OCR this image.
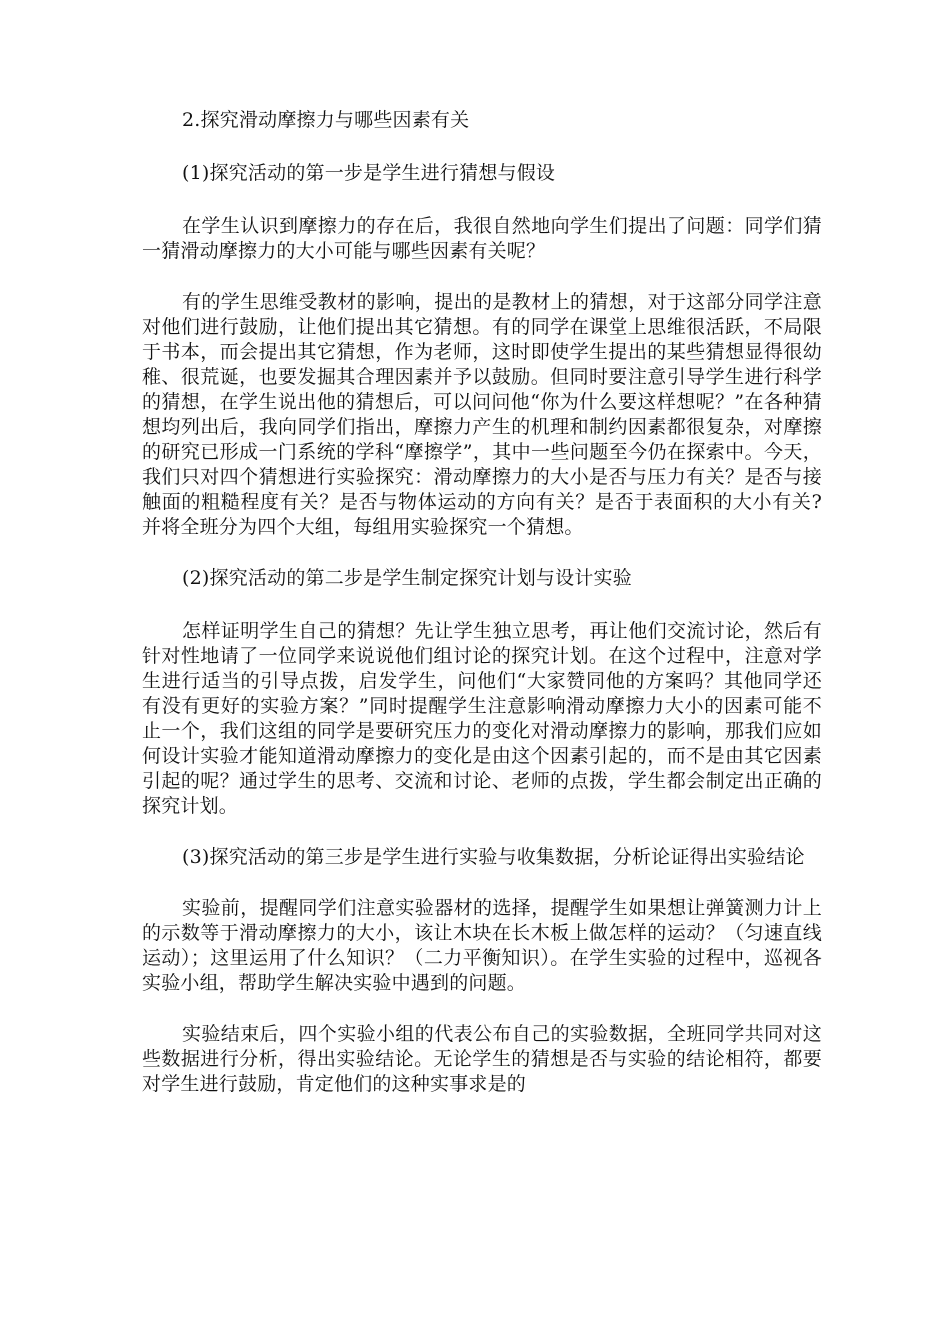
2.探究滑动摩擦力与哪些因素有关

(1)探究活动的第一步是学生进行猜想与假设

在学生认识到摩擦力的存在后，我很自然地向学生们提出了问题：同学们猜一猜滑动摩擦力的大小可能与哪些因素有关呢？

有的学生思维受教材的影响，提出的是教材上的猜想，对于这部分同学注意对他们进行鼓励，让他们提出其它猜想。有的同学在课堂上思维很活跃，不局限于书本，而会提出其它猜想，作为老师，这时即使学生提出的某些猜想显得很幼稚、很荒诞，也要发掘其合理因素并予以鼓励。但同时要注意引导学生进行科学的猜想，在学生说出他的猜想后，可以问问他“你为什么要这样想呢？”在各种猜想均列出后，我向同学们指出，摩擦力产生的机理和制约因素都很复杂，对摩擦的研究已形成一门系统的学科“摩擦学”，其中一些问题至今仍在探索中。今天，我们只对四个猜想进行实验探究：滑动摩擦力的大小是否与压力有关？是否与接触面的粗糙程度有关？是否与物体运动的方向有关？是否于表面积的大小有关?并将全班分为四个大组，每组用实验探究一个猜想。

(2)探究活动的第二步是学生制定探究计划与设计实验

怎样证明学生自己的猜想？先让学生独立思考，再让他们交流讨论，然后有针对性地请了一位同学来说说他们组讨论的探究计划。在这个过程中，注意对学生进行适当的引导点拨，启发学生，问他们“大家赞同他的方案吗？其他同学还有没有更好的实验方案？”同时提醒学生注意影响滑动摩擦力大小的因素可能不止一个，我们这组的同学是要研究压力的变化对滑动摩擦力的影响，那我们应如何设计实验才能知道滑动摩擦力的变化是由这个因素引起的，而不是由其它因素引起的呢？通过学生的思考、交流和讨论、老师的点拨，学生都会制定出正确的探究计划。

(3)探究活动的第三步是学生进行实验与收集数据，分析论证得出实验结论

实验前，提醒同学们注意实验器材的选择，提醒学生如果想让弹簧测力计上的示数等于滑动摩擦力的大小，该让木块在长木板上做怎样的运动？（匀速直线运动）；这里运用了什么知识？（二力平衡知识）。在学生实验的过程中，巡视各实验小组，帮助学生解决实验中遇到的问题。

实验结束后，四个实验小组的代表公布自己的实验数据，全班同学共同对这些数据进行分析，得出实验结论。无论学生的猜想是否与实验的结论相符，都要对学生进行鼓励，肯定他们的这种实事求是的
